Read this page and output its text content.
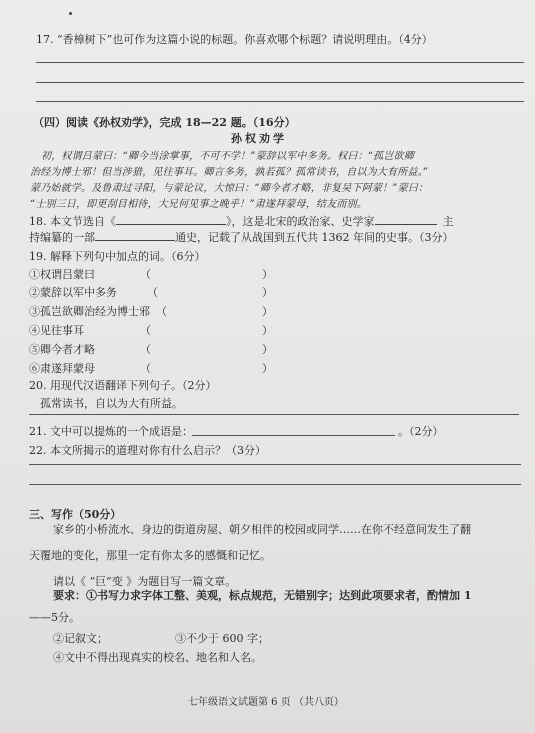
17. “香樟树下”也可作为这篇小说的标题。你喜欢哪个标题？请说明理由。（4分）
（四）阅读《孙权劝学》，完成 18—22 题。（16分）
孙权劝学
初，权谓吕蒙曰：“卿今当涂掌事，不可不学！”蒙辞以军中多务。权曰：“孤岂欲卿
治经为博士邪！但当涉猎，见往事耳。卿言多务，孰若孤？孤常读书，自以为大有所益。”
蒙乃始就学。及鲁肃过寻阳，与蒙论议，大惊曰：“卿今者才略，非复吴下阿蒙！”蒙曰：
“士别三日，即更刮目相待，大兄何见事之晚乎！”肃遂拜蒙母，结友而别。
18. 本文节选自《	》，这是北宋的政治家、史学家	主
持编纂的一部	通史，记载了从战国到五代共 1362 年间的史事。（3分）
19. 解释下列句中加点的词。（6分）
①权谓吕蒙曰	（	）
②蒙辞以军中多务	（	）
③孤岂欲卿治经为博士邪 （	）
④见往事耳	（	）
⑤卿今者才略	（	）
⑥肃遂拜蒙母	（	）
20. 用现代汉语翻译下列句子。（2分）
孤常读书，自以为大有所益。
21. 文中可以提炼的一个成语是：	。（2分）
22. 本文所揭示的道理对你有什么启示？（3分）
三、写作（50分）
家乡的小桥流水、身边的街道房屋、朝夕相伴的校园或同学……在你不经意间发生了翻
天覆地的变化，那里一定有你太多的感慨和记忆。
请以《 “巨”变 》为题目写一篇文章。
要求：①书写力求字体工整、美观，标点规范，无错别字；达到此项要求者，酌情加 1
——5分。
②记叙文；	③不少于 600 字；
④文中不得出现真实的校名、地名和人名。
七年级语文试题第 6 页 （共八页）
